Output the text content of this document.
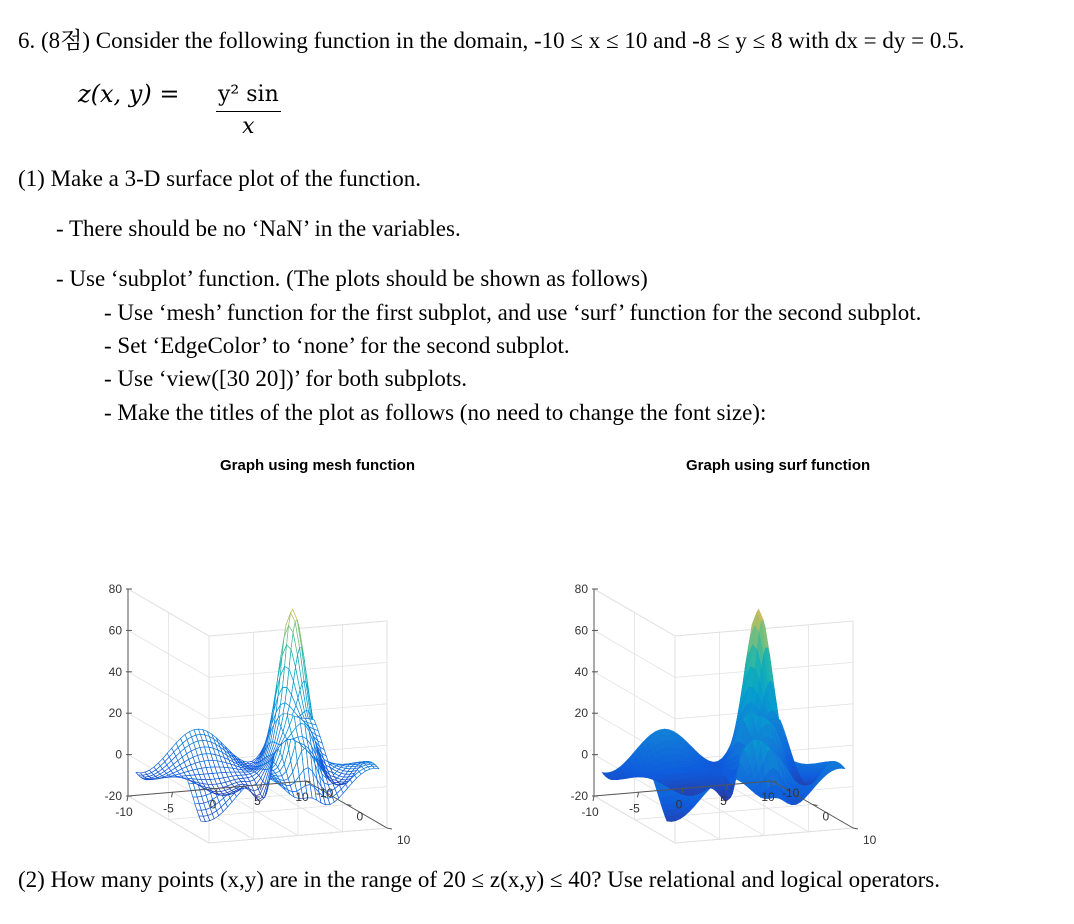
6. (8점) Consider the following function in the domain, -10 ≤ x ≤ 10 and -8 ≤ y ≤ 8 with dx = dy = 0.5.
z(x, $y) = \frac{\text{y² sin}}{x}$
(1) Make a 3-D surface plot of the function.
- There should be no ‘NaN’ in the variables.
- Use ‘subplot’ function. (The plots should be shown as follows)
- Use ‘mesh’ function for the first subplot, and use ‘surf’ function for the second subplot.
- Set ‘EdgeColor’ to ‘none’ for the second subplot.
- Use ‘view([30 20])’ for both subplots.
- Make the titles of the plot as follows (no need to change the font size):
Graph using mesh function	Graph using surf function
80
60
40
20
0
-20
-10	-5	0	5	10 -10
0
10
80
60
40
20
0
-20
-10	-5	0	5	10 -10
0
10
(2) How many points (x,y) are in the range of 20 ≤ z(x,y) ≤ 40? Use relational and logical operators.
